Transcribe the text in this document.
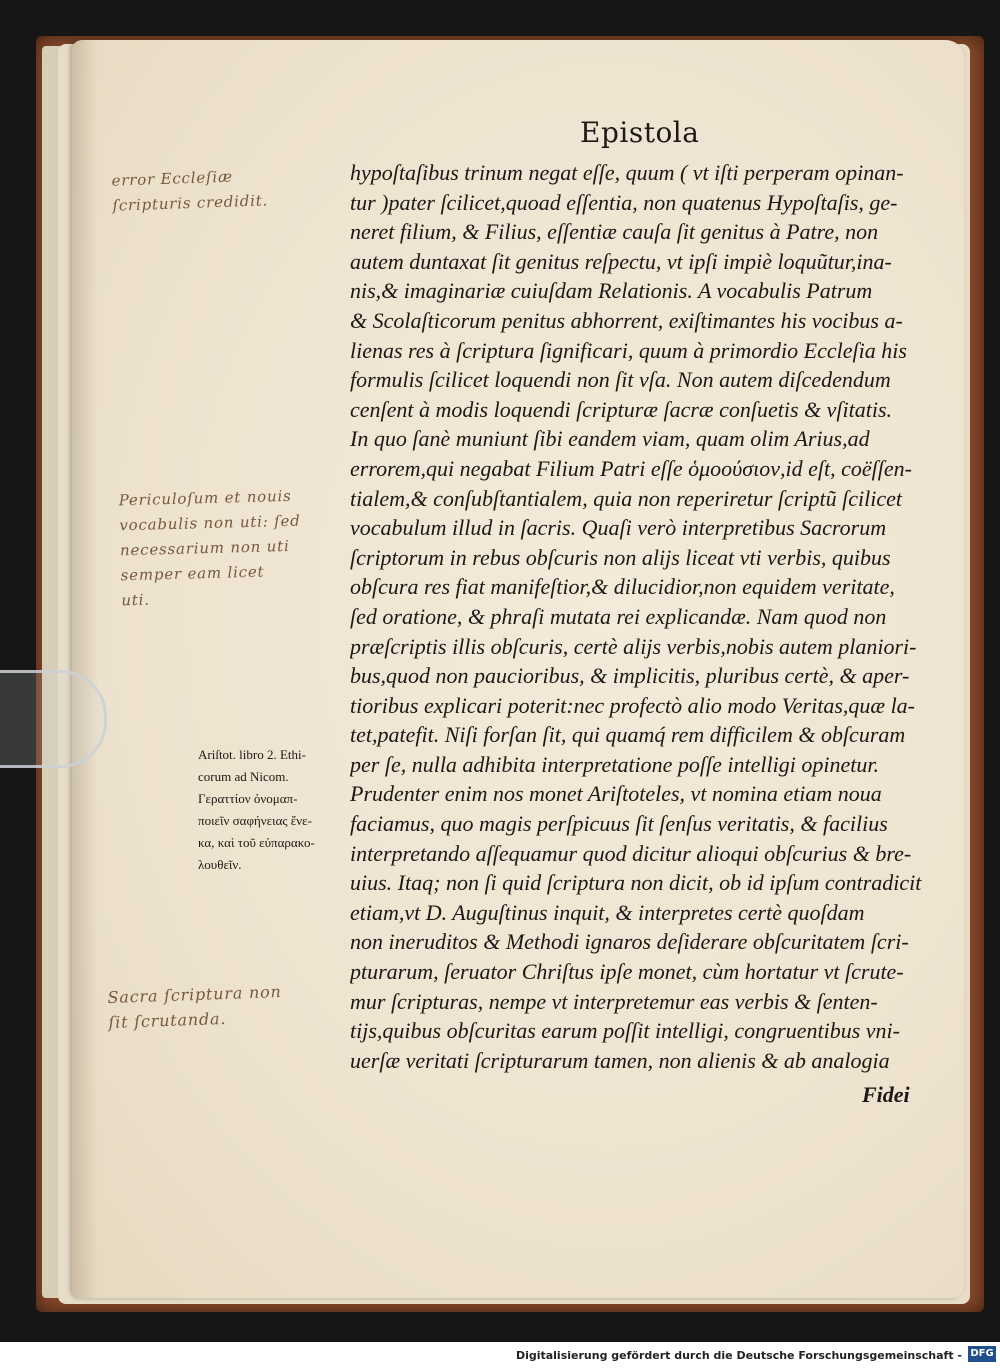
Epistola
error Eccleſiæ
ſcripturis credidit.
Periculoſum et nouis
vocabulis non uti: ſed
necessarium non uti
semper eam licet
uti.
Ariſtot. libro 2. Ethi-
corum ad Nicom.
Γεραττίον ὀνομαπ-
ποιεῖν σαφήνειας ἕνε-
κα, καὶ τοῦ εὐπαρακο-
λουθεῖν.
Sacra ſcriptura non
ſit ſcrutanda.
hypoſtaſibus trinum negat eſſe, quum ( vt iſti perperam opinan-
tur )pater ſcilicet,quoad eſſentia, non quatenus Hypoſtaſis, ge-
neret filium, & Filius, eſſentiæ cauſa ſit genitus à Patre, non
autem duntaxat ſit genitus reſpectu, vt ipſi impiè loquũtur,ina-
nis,& imaginariæ cuiuſdam Relationis. A vocabulis Patrum
& Scolaſticorum penitus abhorrent, exiſtimantes his vocibus a-
lienas res à ſcriptura ſignificari, quum à primordio Eccleſia his
formulis ſcilicet loquendi non ſit vſa. Non autem diſcedendum
cenſent à modis loquendi ſcripturæ ſacræ conſuetis & vſitatis.
In quo ſanè muniunt ſibi eandem viam, quam olim Arius,ad
errorem,qui negabat Filium Patri eſſe ὁμοούσιον,id eſt, coëſſen-
tialem,& conſubſtantialem, quia non reperiretur ſcriptũ ſcilicet
vocabulum illud in ſacris. Quaſi verò interpretibus Sacrorum
ſcriptorum in rebus obſcuris non alijs liceat vti verbis, quibus
obſcura res fiat manifeſtior,& dilucidior,non equidem veritate,
ſed oratione, & phraſi mutata rei explicandæ. Nam quod non
præſcriptis illis obſcuris, certè alijs verbis,nobis autem planiori-
bus,quod non paucioribus, & implicitis, pluribus certè, & aper-
tioribus explicari poterit:nec profectò alio modo Veritas,quæ la-
tet,patefit. Niſi forſan ſit, qui quamq́ rem difficilem & obſcuram
per ſe, nulla adhibita interpretatione poſſe intelligi opinetur.
Prudenter enim nos monet Ariſtoteles, vt nomina etiam noua
faciamus, quo magis perſpicuus ſit ſenſus veritatis, & facilius
interpretando aſſequamur quod dicitur alioqui obſcurius & bre-
uius. Itaq; non ſi quid ſcriptura non dicit, ob id ipſum contradicit
etiam,vt D. Auguſtinus inquit, & interpretes certè quoſdam
non ineruditos & Methodi ignaros deſiderare obſcuritatem ſcri-
pturarum, ſeruator Chriſtus ipſe monet, cùm hortatur vt ſcrute-
mur ſcripturas, nempe vt interpretemur eas verbis & ſenten-
tijs,quibus obſcuritas earum poſſit intelligi, congruentibus vni-
uerſæ veritati ſcripturarum tamen, non alienis & ab analogia
Fidei
Digitalisierung gefördert durch die Deutsche Forschungsgemeinschaft - DFG
